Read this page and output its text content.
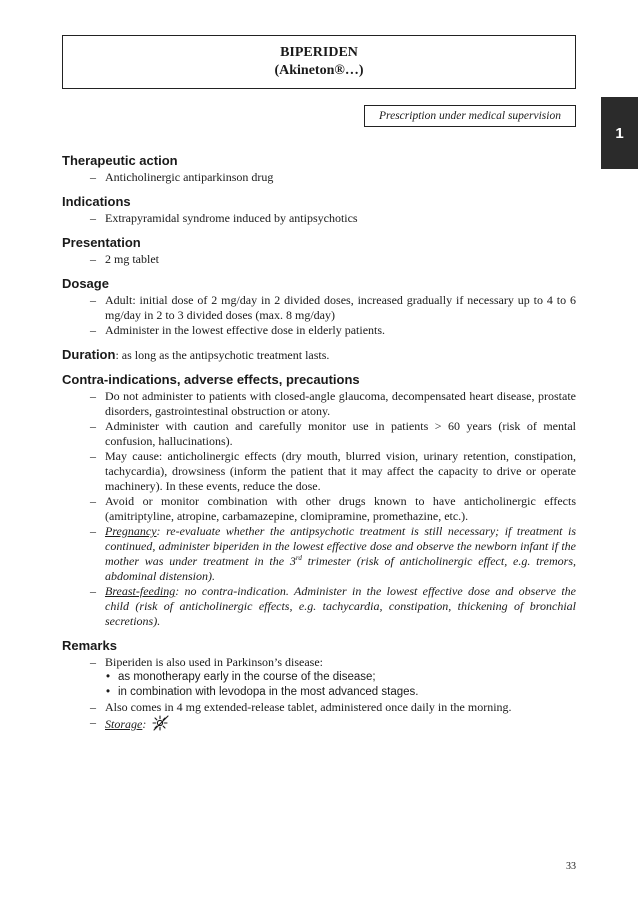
BIPERIDEN
(Akineton®…)
Prescription under medical supervision
1
Therapeutic action
– Anticholinergic antiparkinson drug
Indications
– Extrapyramidal syndrome induced by antipsychotics
Presentation
– 2 mg tablet
Dosage
– Adult: initial dose of 2 mg/day in 2 divided doses, increased gradually if necessary up to 4 to 6 mg/day in 2 to 3 divided doses (max. 8 mg/day)
– Administer in the lowest effective dose in elderly patients.
Duration: as long as the antipsychotic treatment lasts.
Contra-indications, adverse effects, precautions
– Do not administer to patients with closed-angle glaucoma, decompensated heart disease, prostate disorders, gastrointestinal obstruction or atony.
– Administer with caution and carefully monitor use in patients > 60 years (risk of mental confusion, hallucinations).
– May cause: anticholinergic effects (dry mouth, blurred vision, urinary retention, constipation, tachycardia), drowsiness (inform the patient that it may affect the capacity to drive or operate machinery). In these events, reduce the dose.
– Avoid or monitor combination with other drugs known to have anticholinergic effects (amitriptyline, atropine, carbamazepine, clomipramine, promethazine, etc.).
– Pregnancy: re-evaluate whether the antipsychotic treatment is still necessary; if treatment is continued, administer biperiden in the lowest effective dose and observe the newborn infant if the mother was under treatment in the 3rd trimester (risk of anticholinergic effect, e.g. tremors, abdominal distension).
– Breast-feeding: no contra-indication. Administer in the lowest effective dose and observe the child (risk of anticholinergic effects, e.g. tachycardia, constipation, thickening of bronchial secretions).
Remarks
– Biperiden is also used in Parkinson’s disease:
• as monotherapy early in the course of the disease;
• in combination with levodopa in the most advanced stages.
– Also comes in 4 mg extended-release tablet, administered once daily in the morning.
– Storage:
33
